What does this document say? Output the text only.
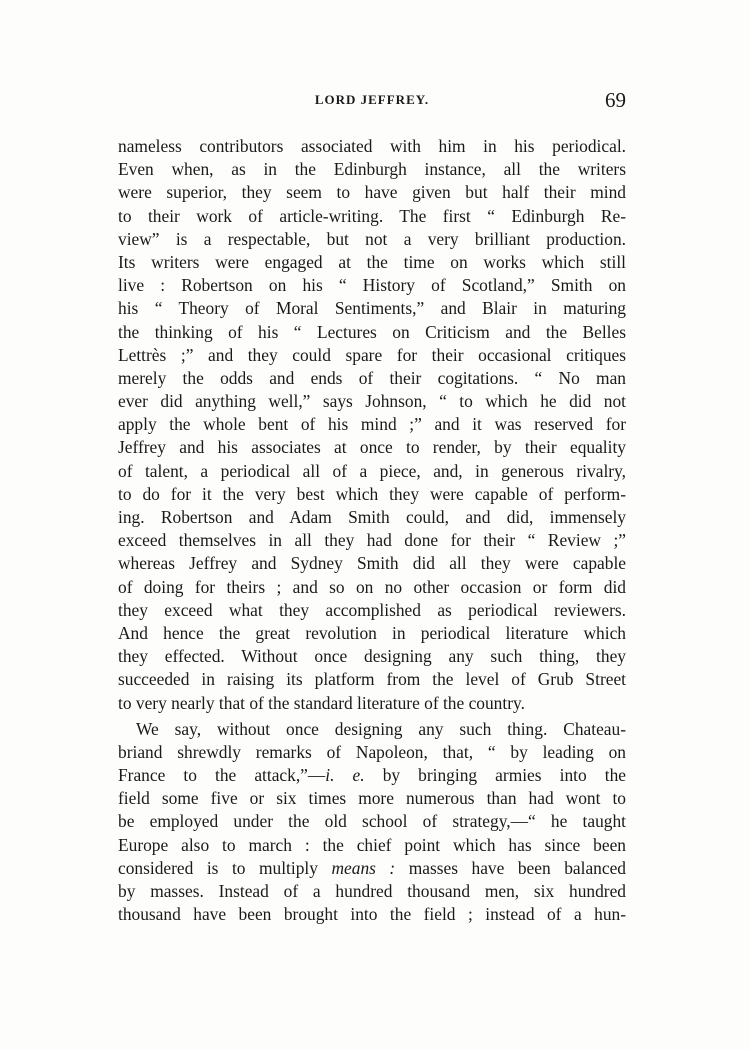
LORD JEFFREY.	69
nameless contributors associated with him in his periodical.
Even when, as in the Edinburgh instance, all the writers
were superior, they seem to have given but half their mind
to their work of article-writing. The first “ Edinburgh Re-
view” is a respectable, but not a very brilliant production.
Its writers were engaged at the time on works which still
live : Robertson on his “ History of Scotland,” Smith on
his “ Theory of Moral Sentiments,” and Blair in maturing
the thinking of his “ Lectures on Criticism and the Belles
Lettrès ;” and they could spare for their occasional critiques
merely the odds and ends of their cogitations. “ No man
ever did anything well,” says Johnson, “ to which he did not
apply the whole bent of his mind ;” and it was reserved for
Jeffrey and his associates at once to render, by their equality
of talent, a periodical all of a piece, and, in generous rivalry,
to do for it the very best which they were capable of perform-
ing. Robertson and Adam Smith could, and did, immensely
exceed themselves in all they had done for their “ Review ;”
whereas Jeffrey and Sydney Smith did all they were capable
of doing for theirs ; and so on no other occasion or form did
they exceed what they accomplished as periodical reviewers.
And hence the great revolution in periodical literature which
they effected. Without once designing any such thing, they
succeeded in raising its platform from the level of Grub Street
to very nearly that of the standard literature of the country.
We say, without once designing any such thing. Chateau-
briand shrewdly remarks of Napoleon, that, “ by leading on
France to the attack,”—i. e. by bringing armies into the
field some five or six times more numerous than had wont to
be employed under the old school of strategy,—“ he taught
Europe also to march : the chief point which has since been
considered is to multiply means : masses have been balanced
by masses. Instead of a hundred thousand men, six hundred
thousand have been brought into the field ; instead of a hun-
